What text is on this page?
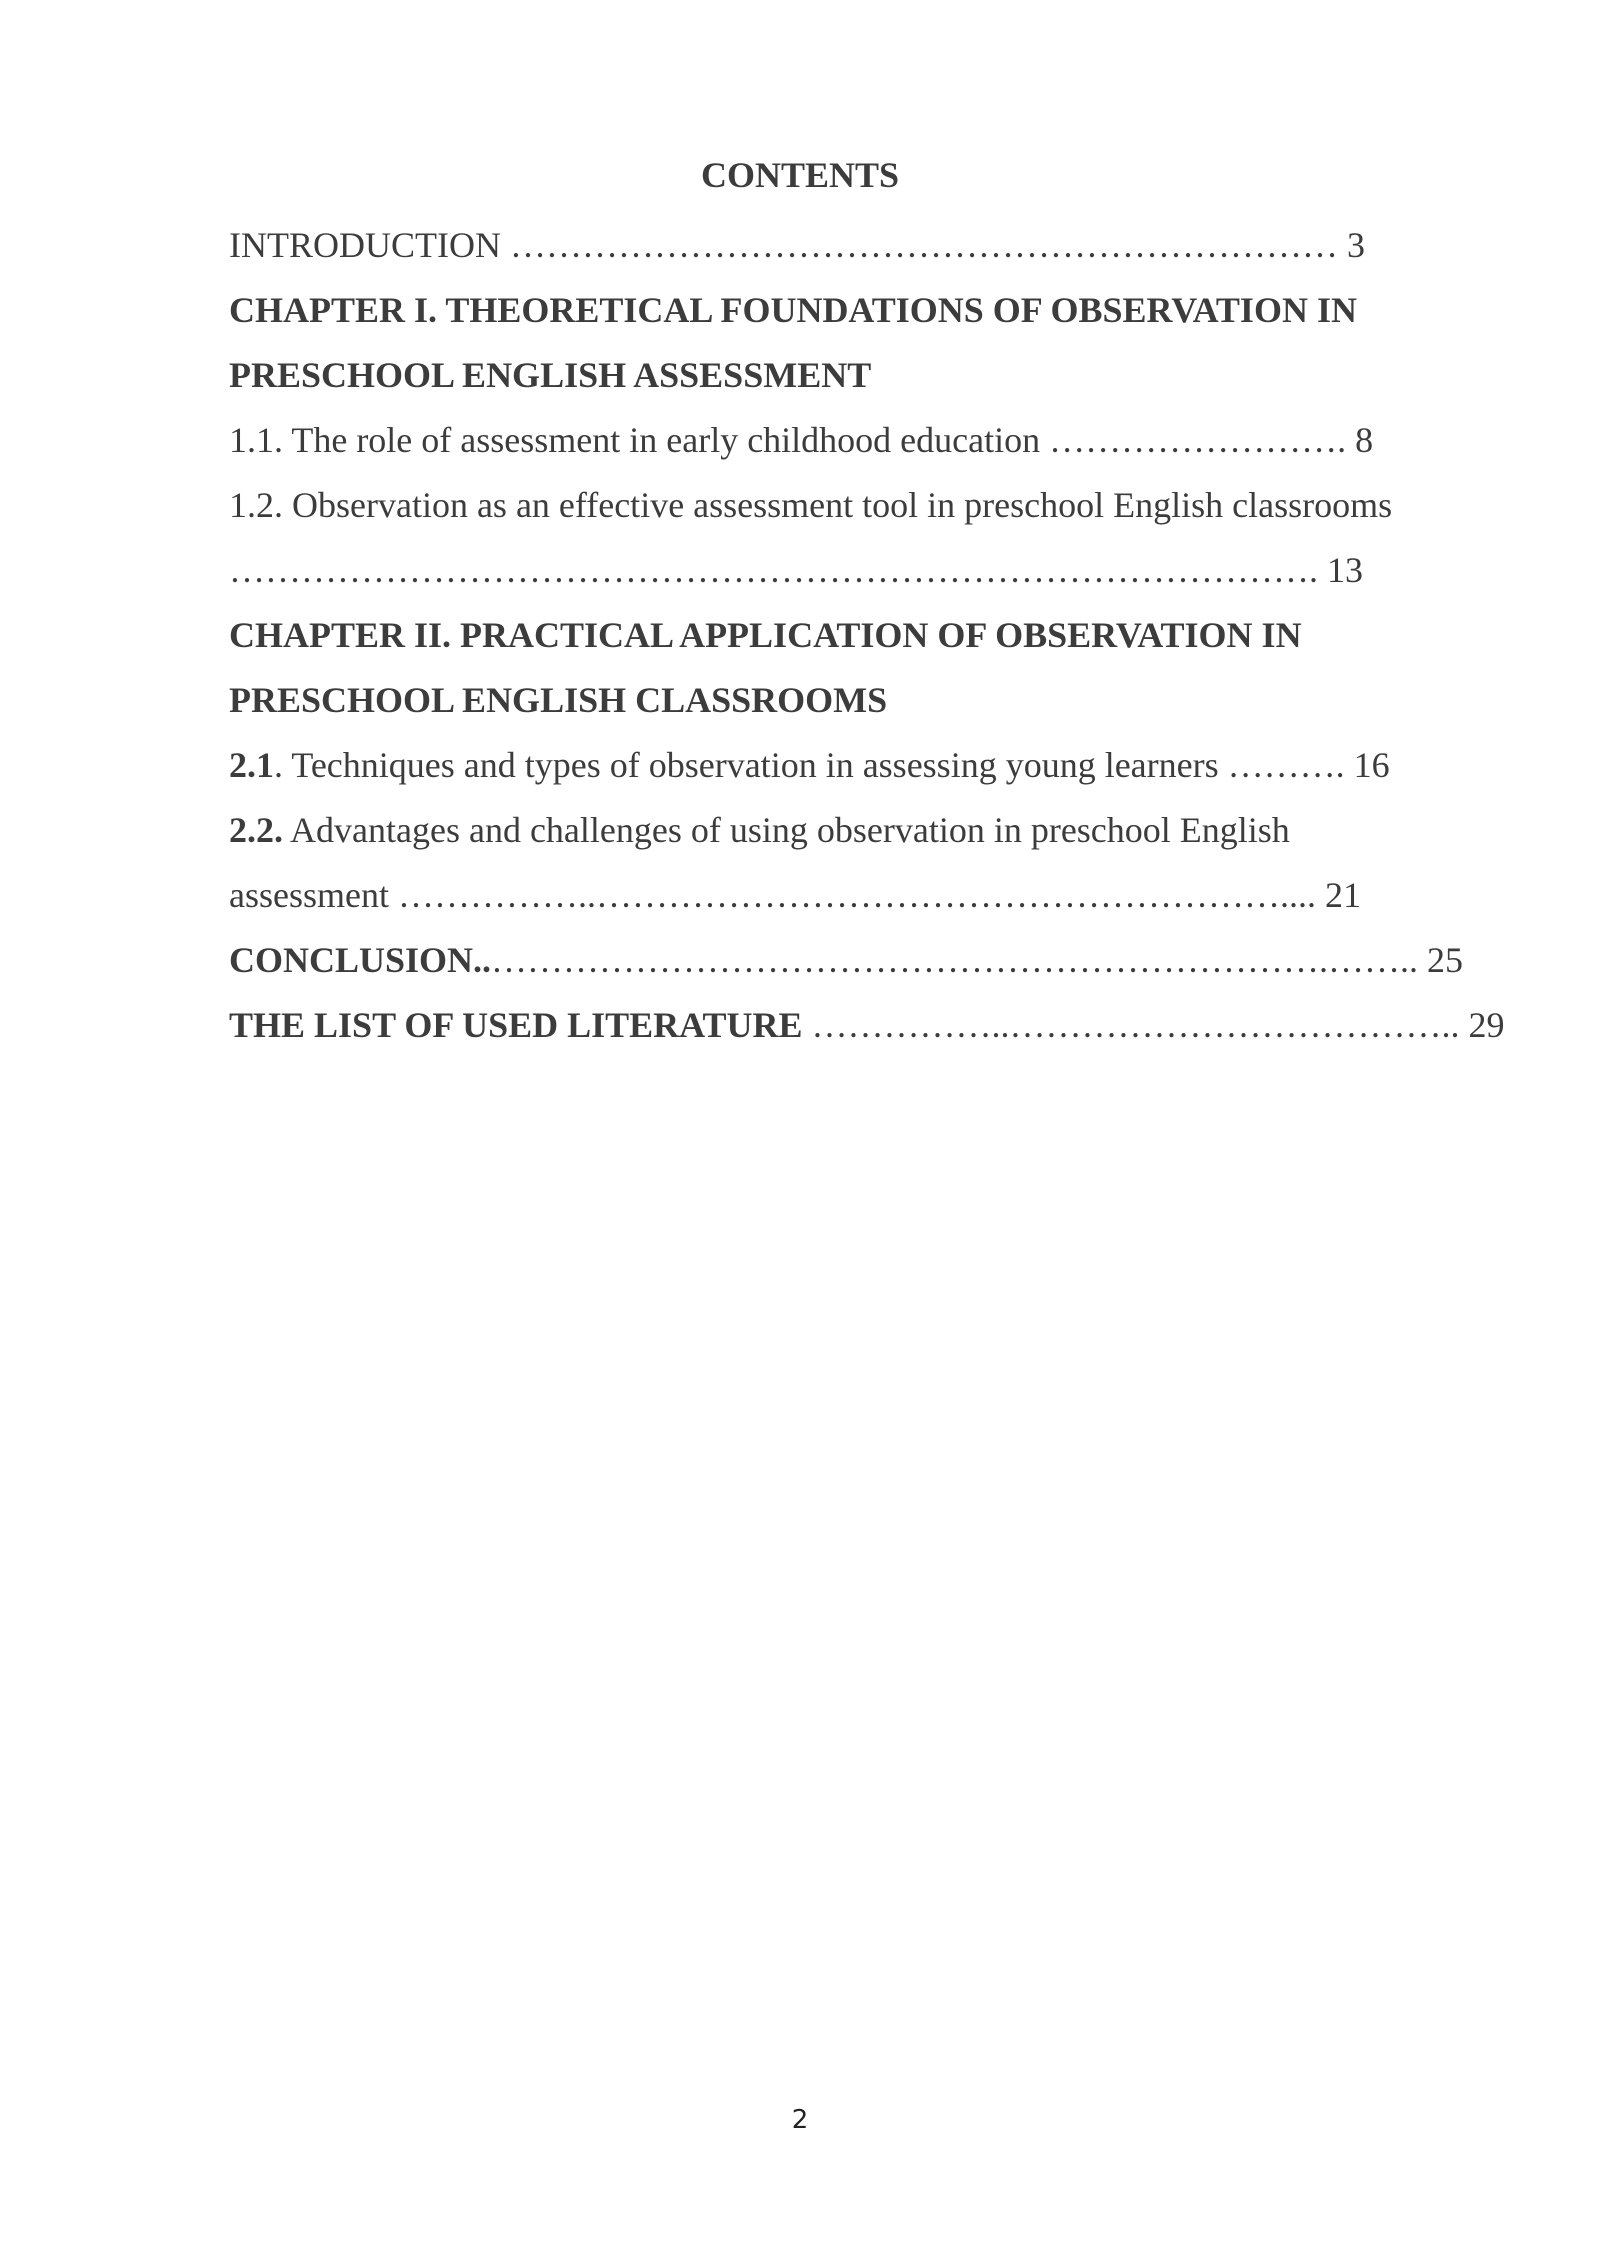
CONTENTS
INTRODUCTION …………………………………………………………… 3
CHAPTER I. THEORETICAL FOUNDATIONS OF OBSERVATION IN
PRESCHOOL ENGLISH ASSESSMENT
1.1. The role of assessment in early childhood education ……………………. 8
1.2. Observation as an effective assessment tool in preschool English classrooms
………………………………………………………………………………. 13
CHAPTER II. PRACTICAL APPLICATION OF OBSERVATION IN
PRESCHOOL ENGLISH CLASSROOMS
2.1. Techniques and types of observation in assessing young learners ………. 16
2.2. Advantages and challenges of using observation in preschool English
assessment ……………..………………………………………………….... 21
CONCLUSION..…………………………………………………………….…….. 25
THE LIST OF USED LITERATURE ……………..……………………………….. 29
2
